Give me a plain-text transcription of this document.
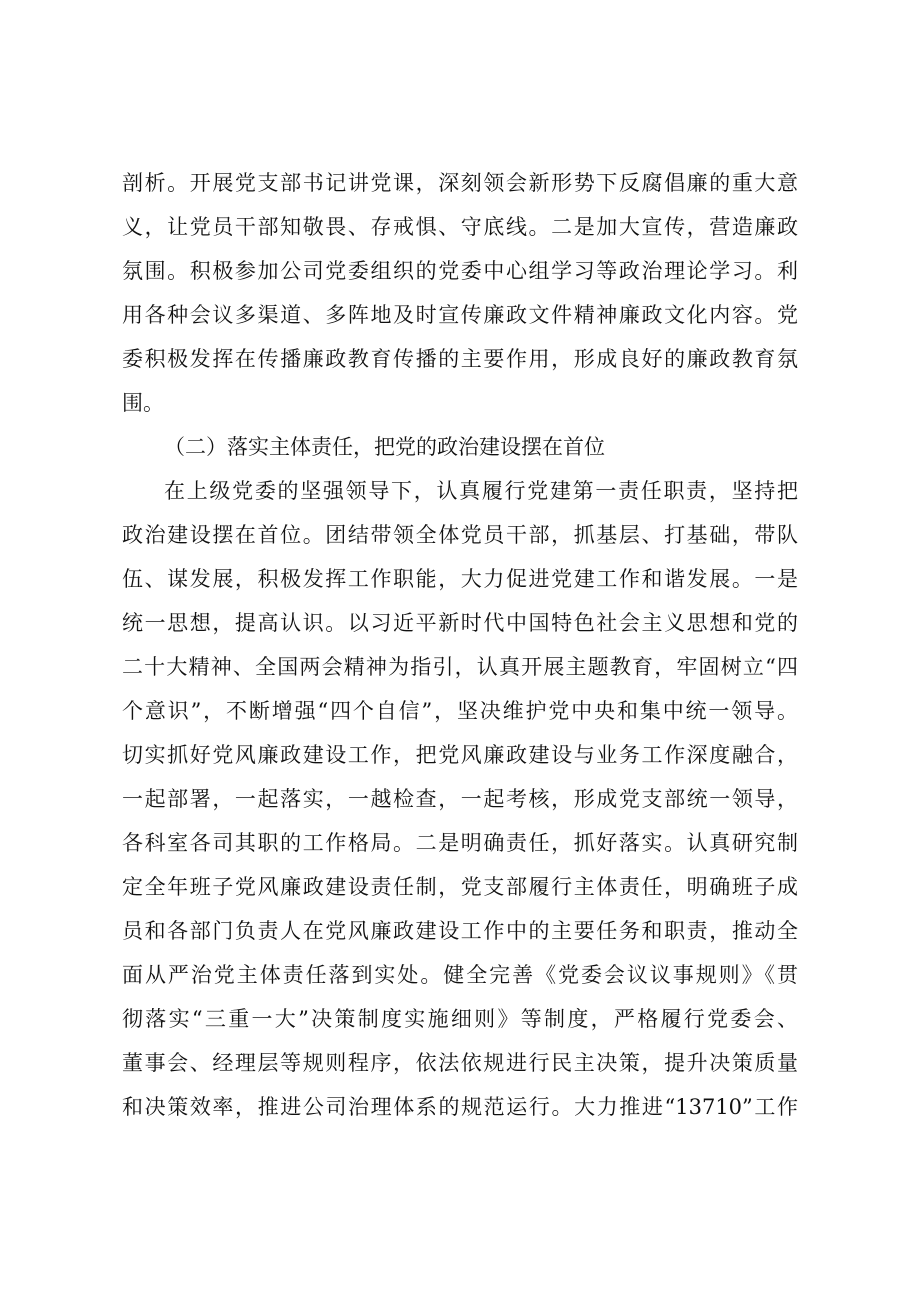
剖析。开展党支部书记讲党课，深刻领会新形势下反腐倡廉的重大意
义，让党员干部知敬畏、存戒惧、守底线。二是加大宣传，营造廉政
氛围。积极参加公司党委组织的党委中心组学习等政治理论学习。利
用各种会议多渠道、多阵地及时宣传廉政文件精神廉政文化内容。党
委积极发挥在传播廉政教育传播的主要作用，形成良好的廉政教育氛
围。
（二）落实主体责任，把党的政治建设摆在首位
在上级党委的坚强领导下，认真履行党建第一责任职责，坚持把
政治建设摆在首位。团结带领全体党员干部，抓基层、打基础，带队
伍、谋发展，积极发挥工作职能，大力促进党建工作和谐发展。一是
统一思想，提高认识。以习近平新时代中国特色社会主义思想和党的
二十大精神、全国两会精神为指引，认真开展主题教育，牢固树立“四
个意识”，不断增强“四个自信”，坚决维护党中央和集中统一领导。
切实抓好党风廉政建设工作，把党风廉政建设与业务工作深度融合，
一起部署，一起落实，一越检查，一起考核，形成党支部统一领导，
各科室各司其职的工作格局。二是明确责任，抓好落实。认真研究制
定全年班子党风廉政建设责任制，党支部履行主体责任，明确班子成
员和各部门负责人在党风廉政建设工作中的主要任务和职责，推动全
面从严治党主体责任落到实处。健全完善《党委会议议事规则》《贯
彻落实“三重一大”决策制度实施细则》等制度，严格履行党委会、
董事会、经理层等规则程序，依法依规进行民主决策，提升决策质量
和决策效率，推进公司治理体系的规范运行。大力推进“13710”工作
